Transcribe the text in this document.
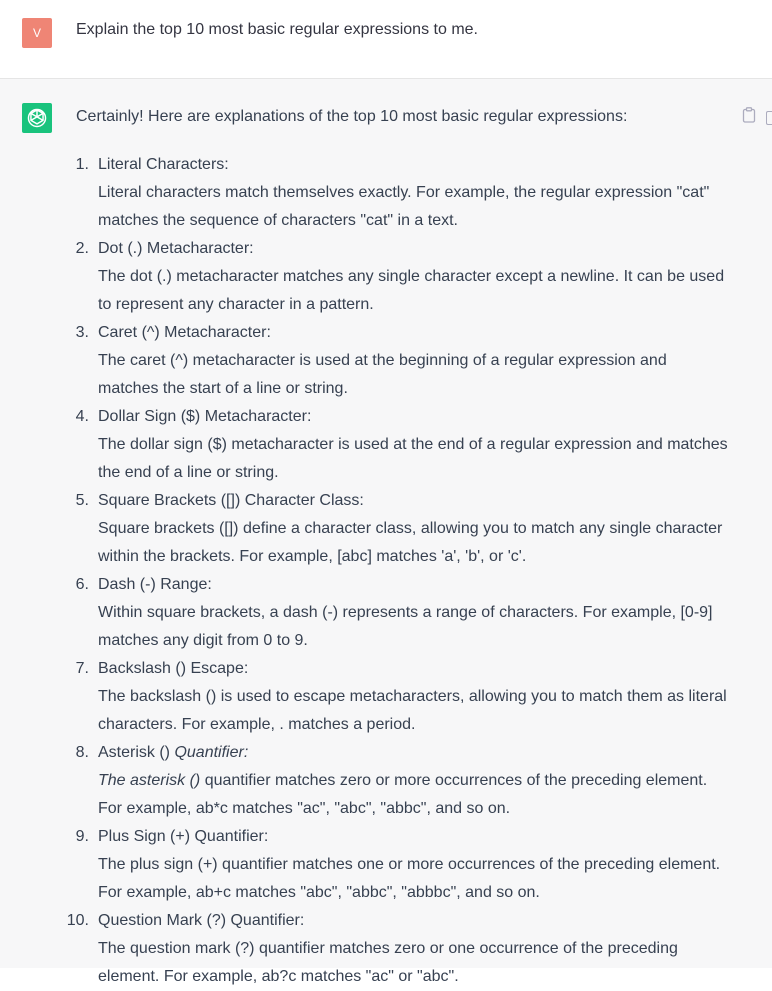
V Explain the top 10 most basic regular expressions to me.
Certainly! Here are explanations of the top 10 most basic regular expressions:
1. Literal Characters:
Literal characters match themselves exactly. For example, the regular expression "cat" matches the sequence of characters "cat" in a text.
2. Dot (.) Metacharacter:
The dot (.) metacharacter matches any single character except a newline. It can be used to represent any character in a pattern.
3. Caret (^) Metacharacter:
The caret (^) metacharacter is used at the beginning of a regular expression and matches the start of a line or string.
4. Dollar Sign ($) Metacharacter:
The dollar sign ($) metacharacter is used at the end of a regular expression and matches the end of a line or string.
5. Square Brackets ([]) Character Class:
Square brackets ([]) define a character class, allowing you to match any single character within the brackets. For example, [abc] matches 'a', 'b', or 'c'.
6. Dash (-) Range:
Within square brackets, a dash (-) represents a range of characters. For example, [0-9] matches any digit from 0 to 9.
7. Backslash () Escape:
The backslash () is used to escape metacharacters, allowing you to match them as literal characters. For example, . matches a period.
8. Asterisk () Quantifier:
The asterisk () quantifier matches zero or more occurrences of the preceding element. For example, ab*c matches "ac", "abc", "abbc", and so on.
9. Plus Sign (+) Quantifier:
The plus sign (+) quantifier matches one or more occurrences of the preceding element. For example, ab+c matches "abc", "abbc", "abbbc", and so on.
10. Question Mark (?) Quantifier:
The question mark (?) quantifier matches zero or one occurrence of the preceding element. For example, ab?c matches "ac" or "abc".
